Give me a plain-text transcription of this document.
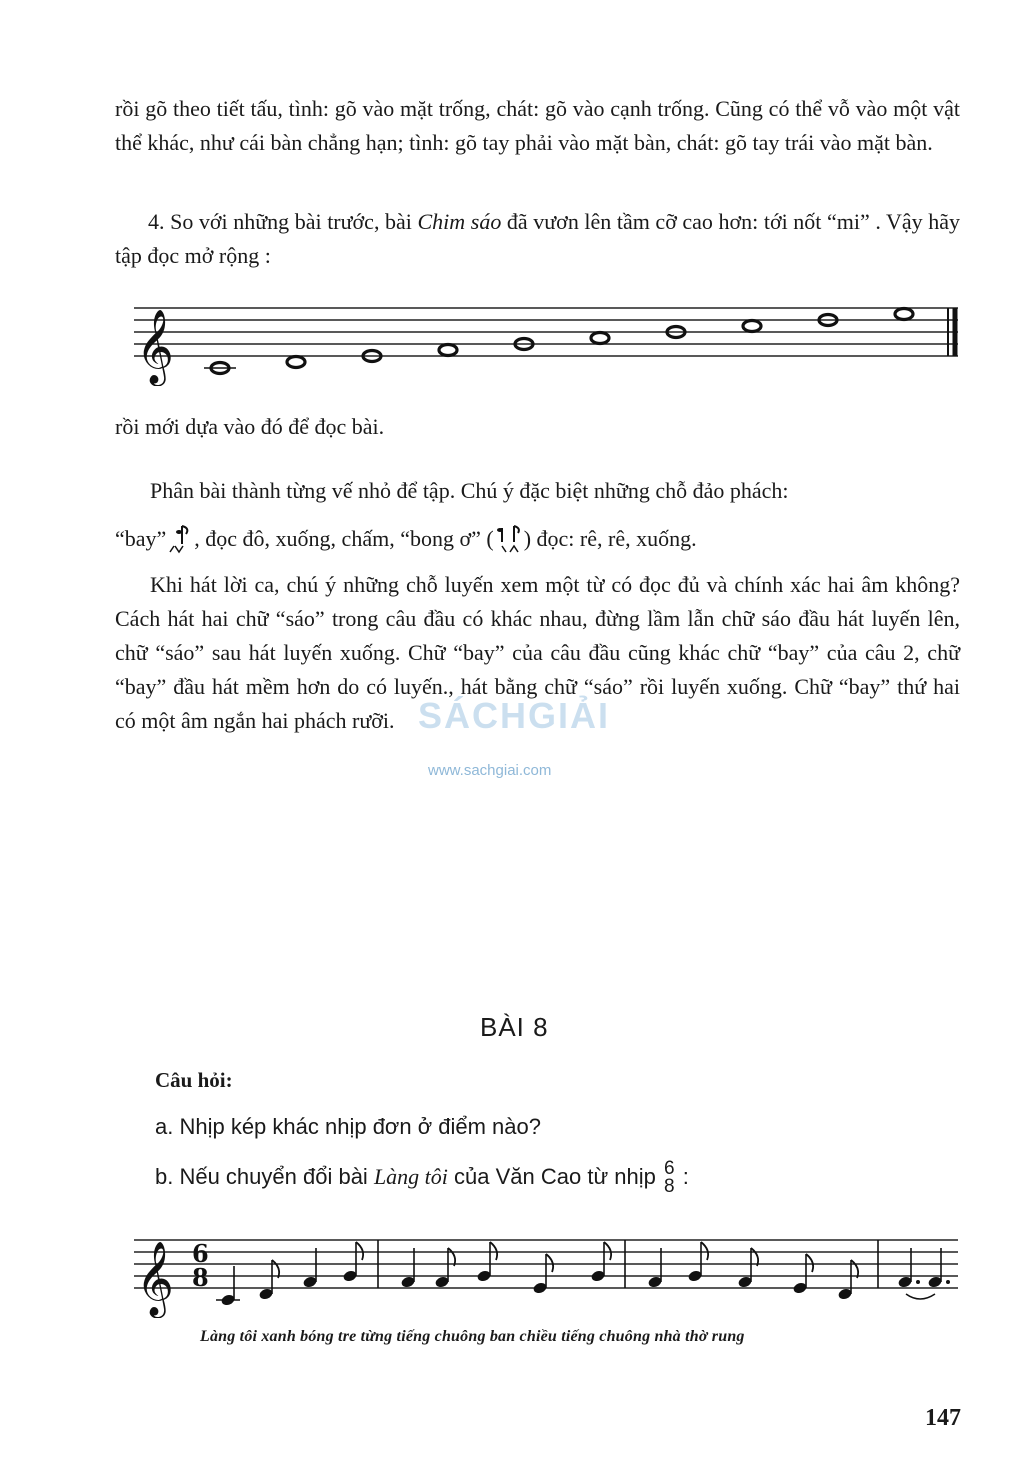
rồi gõ theo tiết tấu, tình: gõ vào mặt trống, chát: gõ vào cạnh trống. Cũng có thể vỗ vào một vật thể khác, như cái bàn chẳng hạn; tình: gõ tay phải vào mặt bàn, chát: gõ tay trái vào mặt bàn.
4. So với những bài trước, bài Chim sáo đã vươn lên tầm cỡ cao hơn: tới nốt “mi” . Vậy hãy tập đọc mở rộng :
𝄞
rồi mới dựa vào đó để đọc bài.
Phân bài thành từng vế nhỏ để tập. Chú ý đặc biệt những chỗ đảo phách:
“bay” , đọc đô, xuống, chấm, “bong ơ” ( ) đọc: rê, rê, xuống.
Khi hát lời ca, chú ý những chỗ luyến xem một từ có đọc đủ và chính xác hai âm không? Cách hát hai chữ “sáo” trong câu đầu có khác nhau, đừng lầm lẫn chữ sáo đầu hát luyến lên, chữ “sáo” sau hát luyến xuống. Chữ “bay” của câu đầu cũng khác chữ “bay” của câu 2, chữ “bay” đầu hát mềm hơn do có luyến., hát bằng chữ “sáo” rồi luyến xuống. Chữ “bay” thứ hai có một âm ngắn hai phách rưỡi. SÁCHGIẢI
www.sachgiai.com
BÀI 8
Câu hỏi:
a. Nhịp kép khác nhịp đơn ở điểm nào?
b. Nếu chuyển đổi bài Làng tôi của Văn Cao từ nhịp 6
8 :
𝄞 6
8
Làng tôi xanh bóng tre từng tiếng chuông ban chiều tiếng chuông nhà thờ rung
147
